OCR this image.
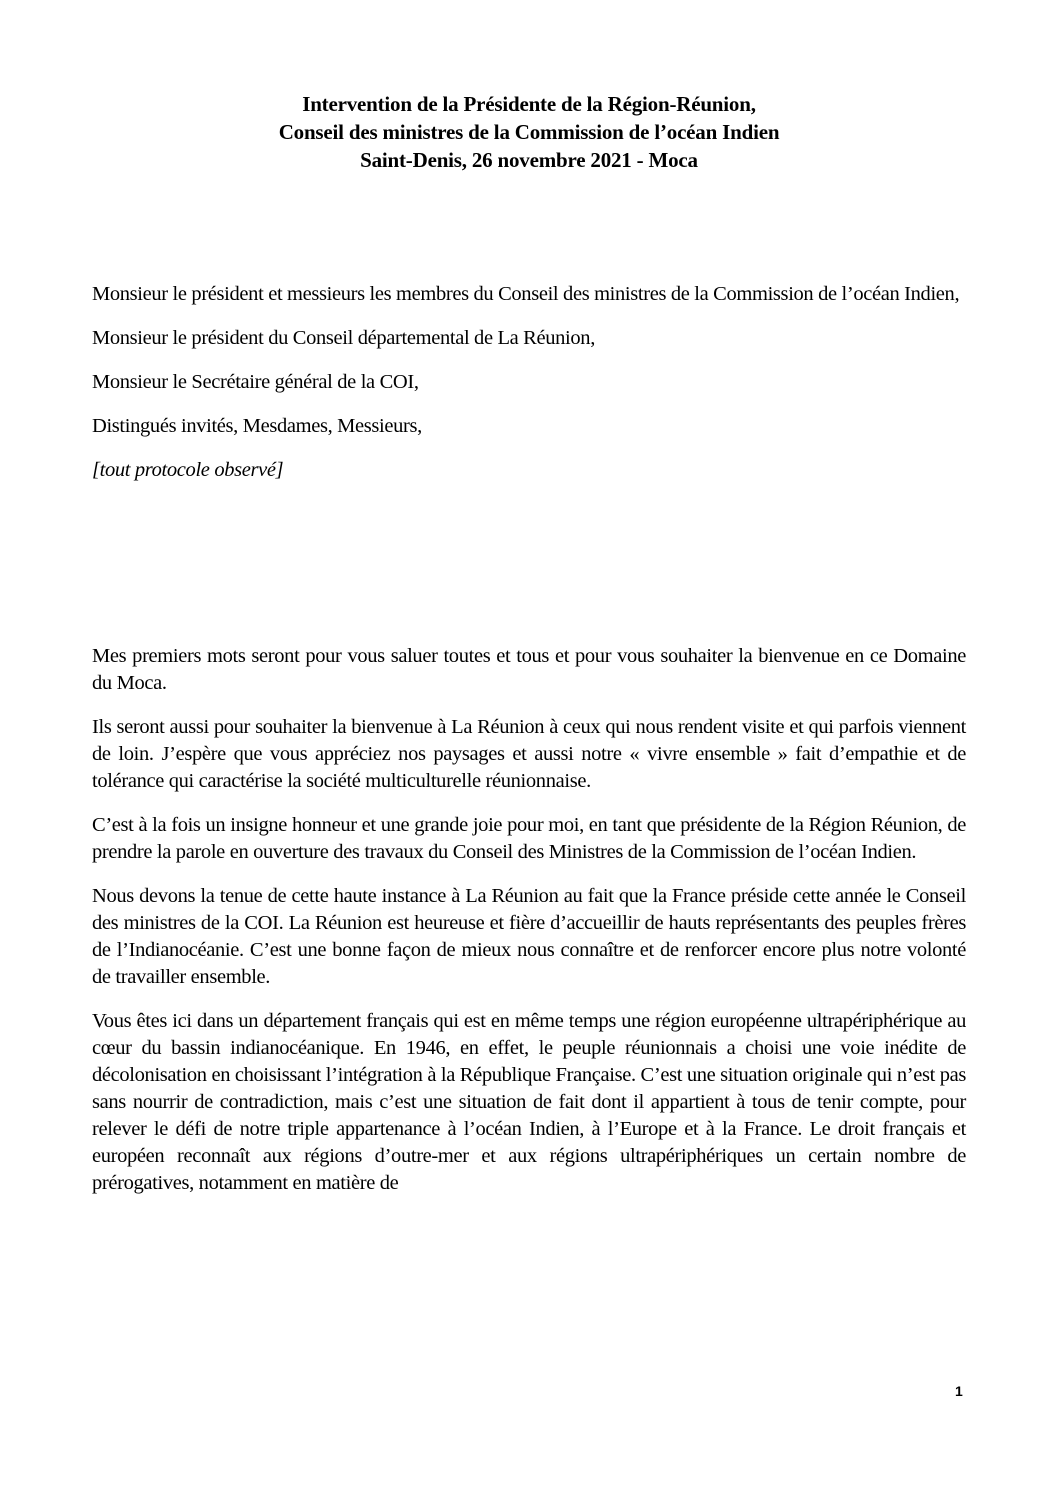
Intervention de la Présidente de la Région-Réunion,
Conseil des ministres de la Commission de l’océan Indien
Saint-Denis, 26 novembre 2021 - Moca

Monsieur le président et messieurs les membres du Conseil des ministres de la Commission de l’océan Indien,

Monsieur le président du Conseil départemental de La Réunion,

Monsieur le Secrétaire général de la COI,

Distingués invités, Mesdames, Messieurs,

[tout protocole observé]

Mes premiers mots seront pour vous saluer toutes et tous et pour vous souhaiter la bienvenue en ce Domaine du Moca.

Ils seront aussi pour souhaiter la bienvenue à La Réunion à ceux qui nous rendent visite et qui parfois viennent de loin. J’espère que vous appréciez nos paysages et aussi notre « vivre ensemble » fait d’empathie et de tolérance qui caractérise la société multiculturelle réunionnaise.

C’est à la fois un insigne honneur et une grande joie pour moi, en tant que présidente de la Région Réunion, de prendre la parole en ouverture des travaux du Conseil des Ministres de la Commission de l’océan Indien.

Nous devons la tenue de cette haute instance à La Réunion au fait que la France préside cette année le Conseil des ministres de la COI. La Réunion est heureuse et fière d’accueillir de hauts représentants des peuples frères de l’Indianocéanie. C’est une bonne façon de mieux nous connaître et de renforcer encore plus notre volonté de travailler ensemble.

Vous êtes ici dans un département français qui est en même temps une région européenne ultrapériphérique au cœur du bassin indianocéanique. En 1946, en effet, le peuple réunionnais a choisi une voie inédite de décolonisation en choisissant l’intégration à la République Française. C’est une situation originale qui n’est pas sans nourrir de contradiction, mais c’est une situation de fait dont il appartient à tous de tenir compte, pour relever le défi de notre triple appartenance à l’océan Indien, à l’Europe et à la France. Le droit français et européen reconnaît aux régions d’outre-mer et aux régions ultrapériphériques un certain nombre de prérogatives, notamment en matière de

1
